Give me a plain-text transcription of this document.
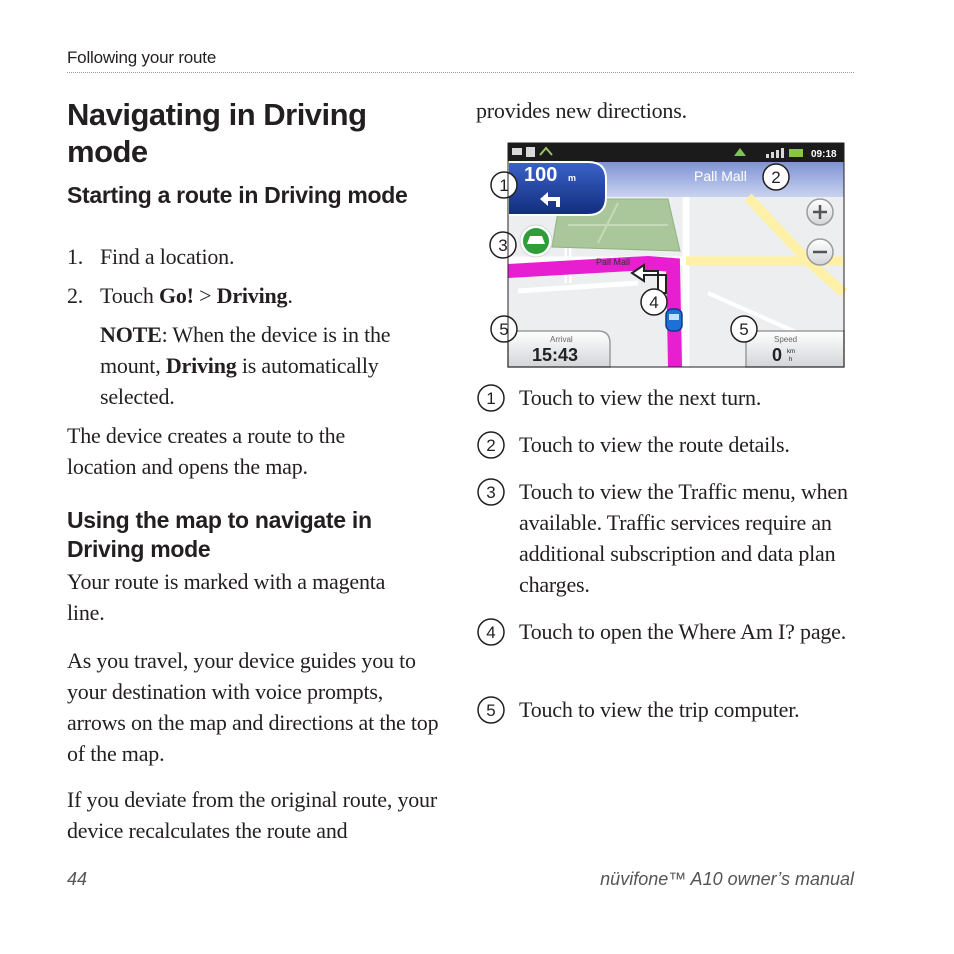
Following your route
Navigating in Driving mode
Starting a route in Driving mode
1. Find a location.
2. Touch Go! > Driving.
NOTE: When the device is in the mount, Driving is automatically selected.
The device creates a route to the location and opens the map.
Using the map to navigate in Driving mode
Your route is marked with a magenta line.
As you travel, your device guides you to your destination with voice prompts, arrows on the map and directions at the top of the map.
If you deviate from the original route, your device recalculates the route and
provides new directions.
09:18
Pall Mall
100 m	Pall Mall
Arrival
15:43
Speed
0 km
h
1	2
3
4
5	5
1 Touch to view the next turn.
2 Touch to view the route details.
3 Touch to view the Traffic menu, when available. Traffic services require an additional subscription and data plan charges.
4 Touch to open the Where Am I? page.
5 Touch to view the trip computer.
44	nüvifone™ A10 owner’s manual
